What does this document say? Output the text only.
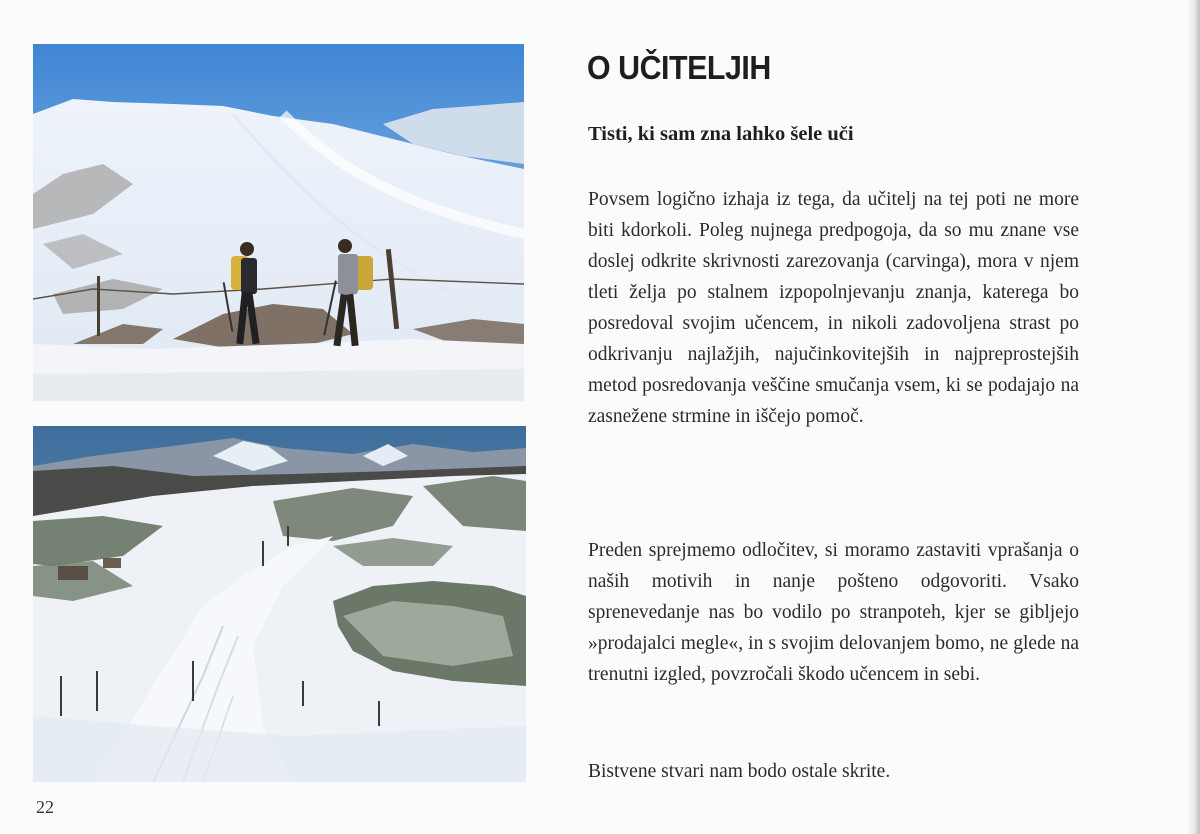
O UČITELJIH
Tisti, ki sam zna lahko šele uči

Povsem logično izhaja iz tega, da učitelj na tej poti ne more biti kdorkoli. Poleg nujnega predpogoja, da so mu znane vse doslej odkrite skrivnosti zarezovanja (carvinga), mora v njem tleti želja po stalnem izpopolnjevanju znanja, katerega bo posredoval svojim učencem, in nikoli zadovoljena strast po odkrivanju najlažjih, najučinkovitejših in najpreprostejših metod posredovanja veščine smučanja vsem, ki se podajajo na zasnežene strmine in iščejo pomoč.

Preden sprejmemo odločitev, si moramo zastaviti vprašanja o naših motivih in nanje pošteno odgovoriti. Vsako sprenevedanje nas bo vodilo po stranpoteh, kjer se gibljejo »prodajalci megle«, in s svojim delovanjem bomo, ne glede na trenutni izgled, povzročali škodo učencem in sebi.

Bistvene stvari nam bodo ostale skrite.

22
